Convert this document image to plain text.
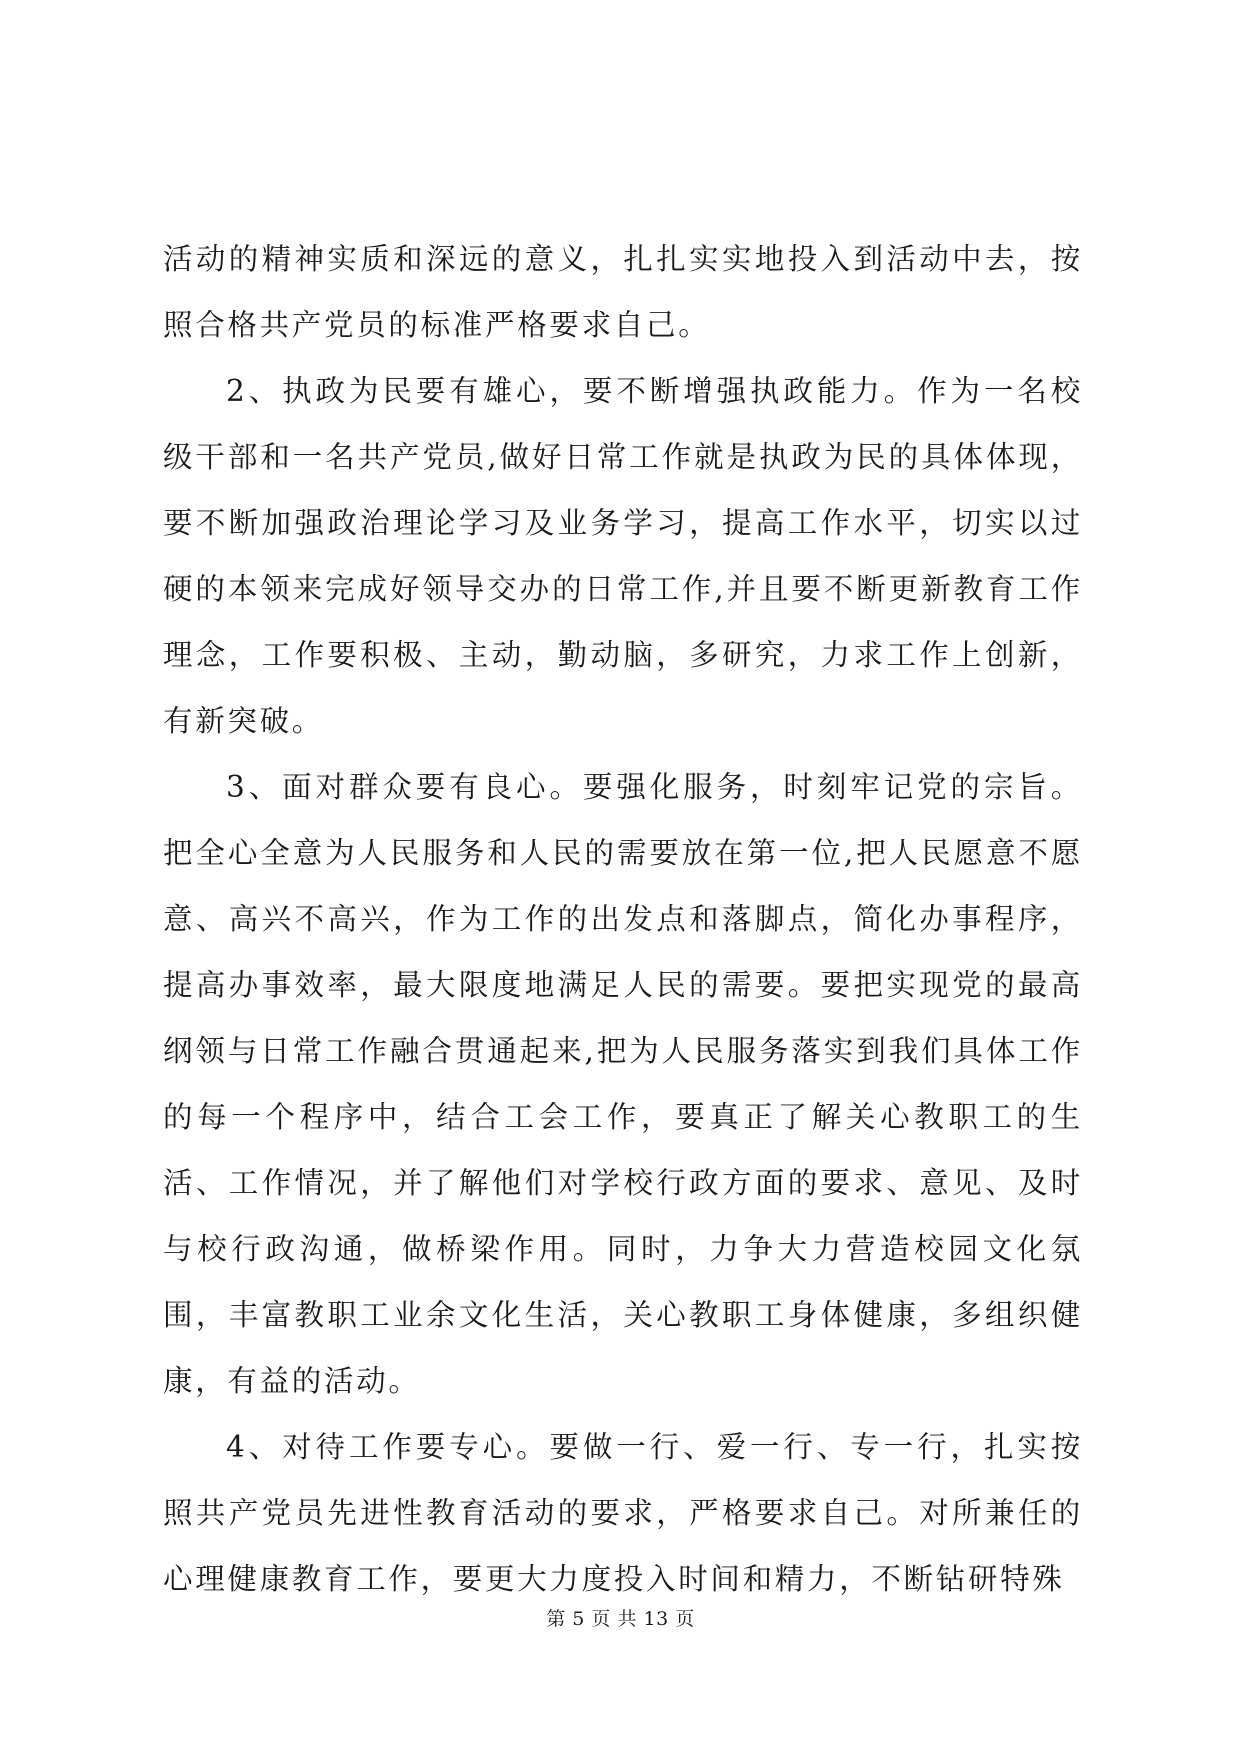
活动的精神实质和深远的意义，扎扎实实地投入到活动中去，按照合格共产党员的标准严格要求自己。

2、执政为民要有雄心，要不断增强执政能力。作为一名校级干部和一名共产党员,做好日常工作就是执政为民的具体体现，要不断加强政治理论学习及业务学习，提高工作水平，切实以过硬的本领来完成好领导交办的日常工作,并且要不断更新教育工作理念，工作要积极、主动，勤动脑，多研究，力求工作上创新，有新突破。

3、面对群众要有良心。要强化服务，时刻牢记党的宗旨。把全心全意为人民服务和人民的需要放在第一位,把人民愿意不愿意、高兴不高兴，作为工作的出发点和落脚点，简化办事程序，提高办事效率，最大限度地满足人民的需要。要把实现党的最高纲领与日常工作融合贯通起来,把为人民服务落实到我们具体工作的每一个程序中，结合工会工作，要真正了解关心教职工的生活、工作情况，并了解他们对学校行政方面的要求、意见、及时与校行政沟通，做桥梁作用。同时，力争大力营造校园文化氛围，丰富教职工业余文化生活，关心教职工身体健康，多组织健康，有益的活动。

4、对待工作要专心。要做一行、爱一行、专一行，扎实按照共产党员先进性教育活动的要求，严格要求自己。对所兼任的心理健康教育工作，要更大力度投入时间和精力，不断钻研特殊

第 5 页 共 13 页
